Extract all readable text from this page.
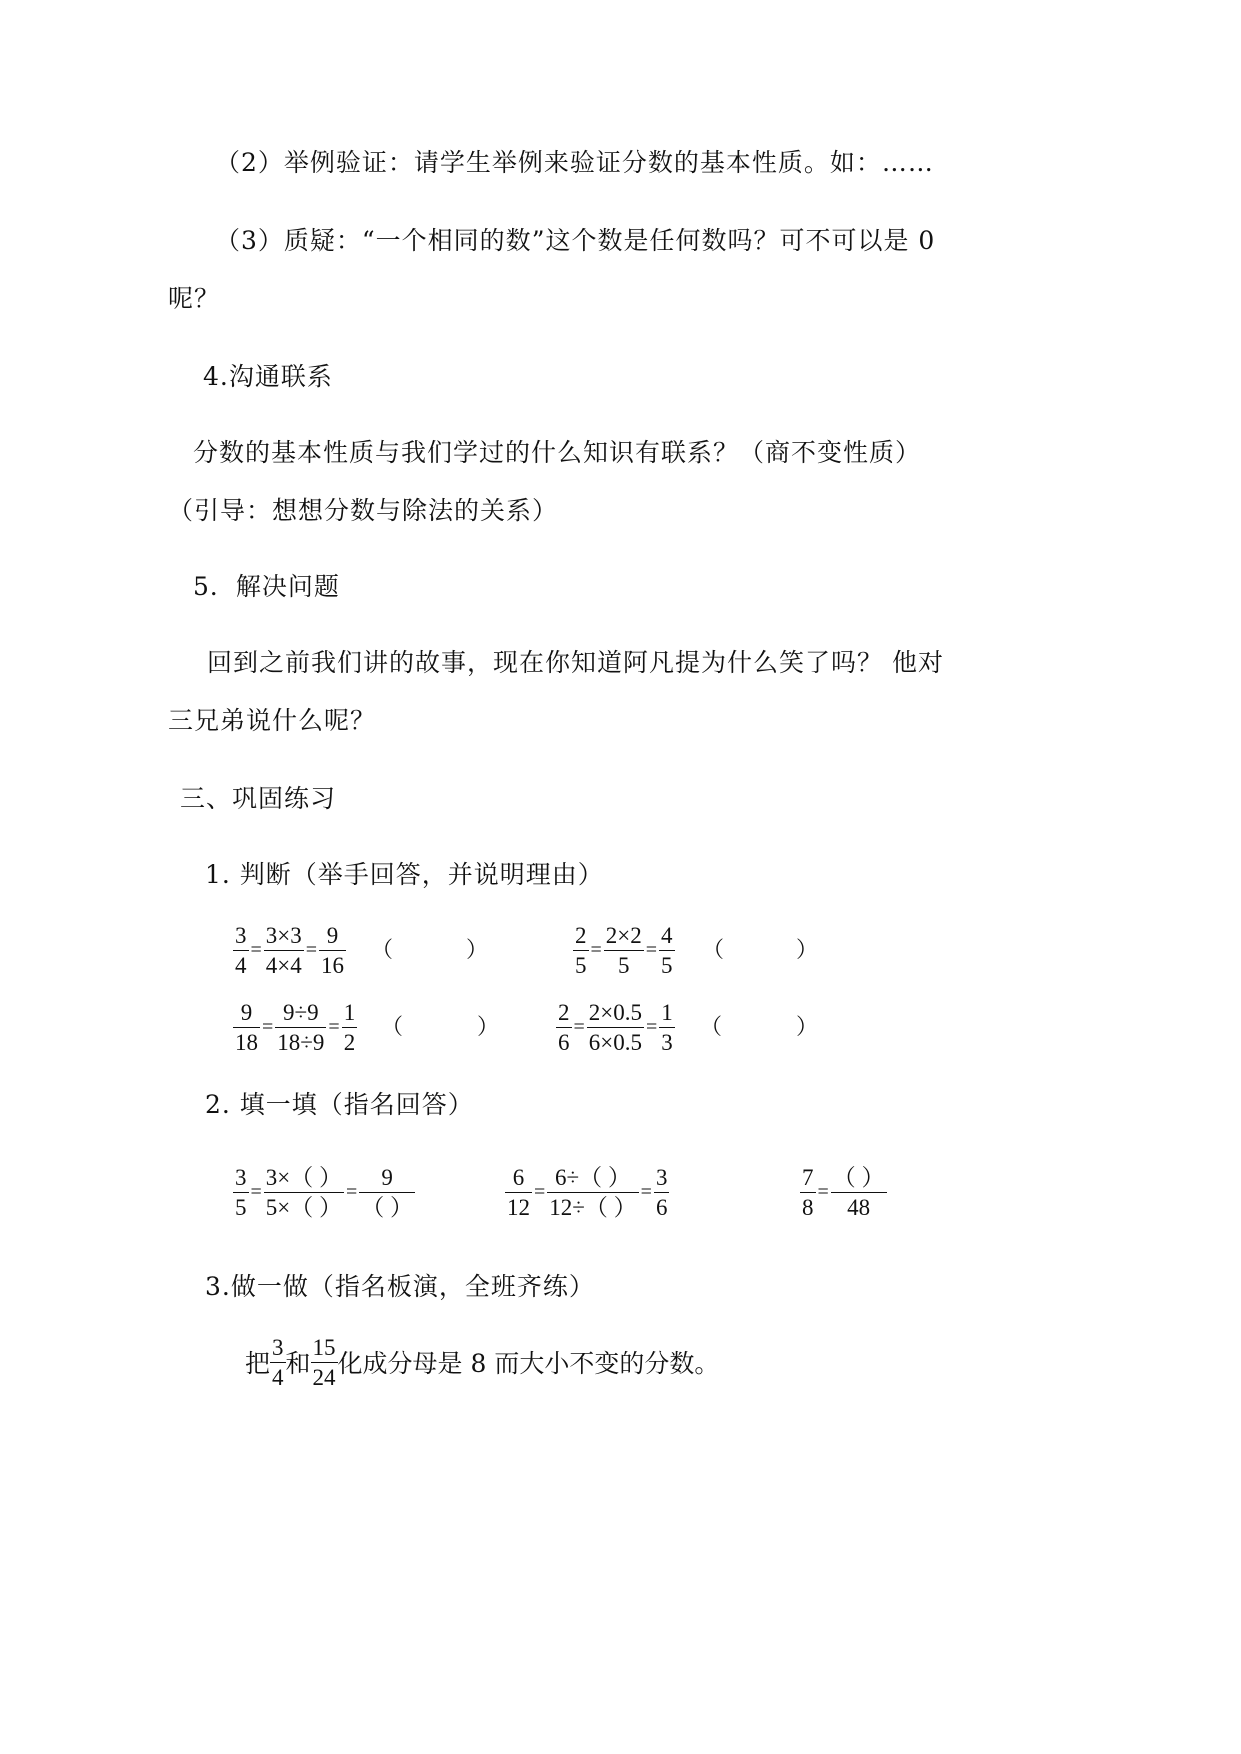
（2）举例验证：请学生举例来验证分数的基本性质。如：……
（3）质疑：“一个相同的数”这个数是任何数吗？可不可以是 0
呢？
4.沟通联系
分数的基本性质与我们学过的什么知识有联系？（商不变性质）
（引导：想想分数与除法的关系）
5．解决问题
回到之前我们讲的故事，现在你知道阿凡提为什么笑了吗？ 他对
三兄弟说什么呢？
三、巩固练习
1. 判断（举手回答，并说明理由）
$\frac{3}{4} = \frac{3\times 3}{4\times 4} = \frac{9}{16}$ （	）	$\frac{2}{5} = \frac{2\times 2}{5} = \frac{4}{5}$ （	）
$\frac{9}{18} = \frac{9\div 9}{18\div 9} = \frac{1}{2}$ （	） $\frac{2}{6} = \frac{2\times 0.5}{6\times 0.5} = \frac{1}{3}$ （	）
2. 填一填（指名回答）
$\frac{3}{5} = \frac{3\times( )}{5\times( )} = \frac{9}{( )}$	$\frac{6}{12} = \frac{6\div( )}{12\div( )} = \frac{3}{6}$	$\frac{7}{8} = \frac{( )}{48}$
3.做一做（指名板演，全班齐练）
把 $\frac{3}{4}$ 和 $\frac{15}{24}$ 化成分母是 8 而大小不变的分数。
